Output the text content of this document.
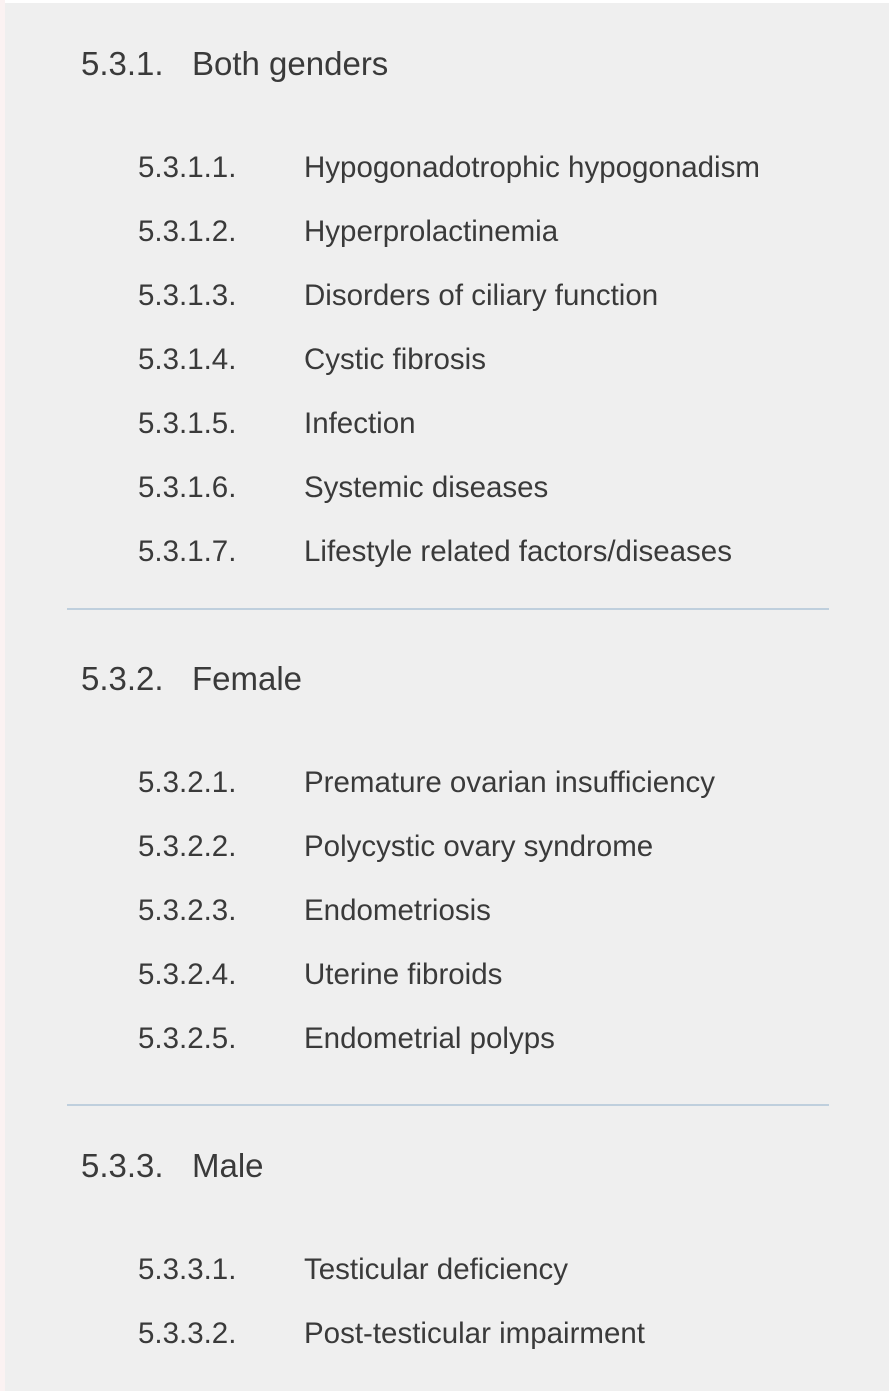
5.3.1. Both genders
5.3.1.1. Hypogonadotrophic hypogonadism
5.3.1.2. Hyperprolactinemia
5.3.1.3. Disorders of ciliary function
5.3.1.4. Cystic fibrosis
5.3.1.5. Infection
5.3.1.6. Systemic diseases
5.3.1.7. Lifestyle related factors/diseases
5.3.2. Female
5.3.2.1. Premature ovarian insufficiency
5.3.2.2. Polycystic ovary syndrome
5.3.2.3. Endometriosis
5.3.2.4. Uterine fibroids
5.3.2.5. Endometrial polyps
5.3.3. Male
5.3.3.1. Testicular deficiency
5.3.3.2. Post-testicular impairment
